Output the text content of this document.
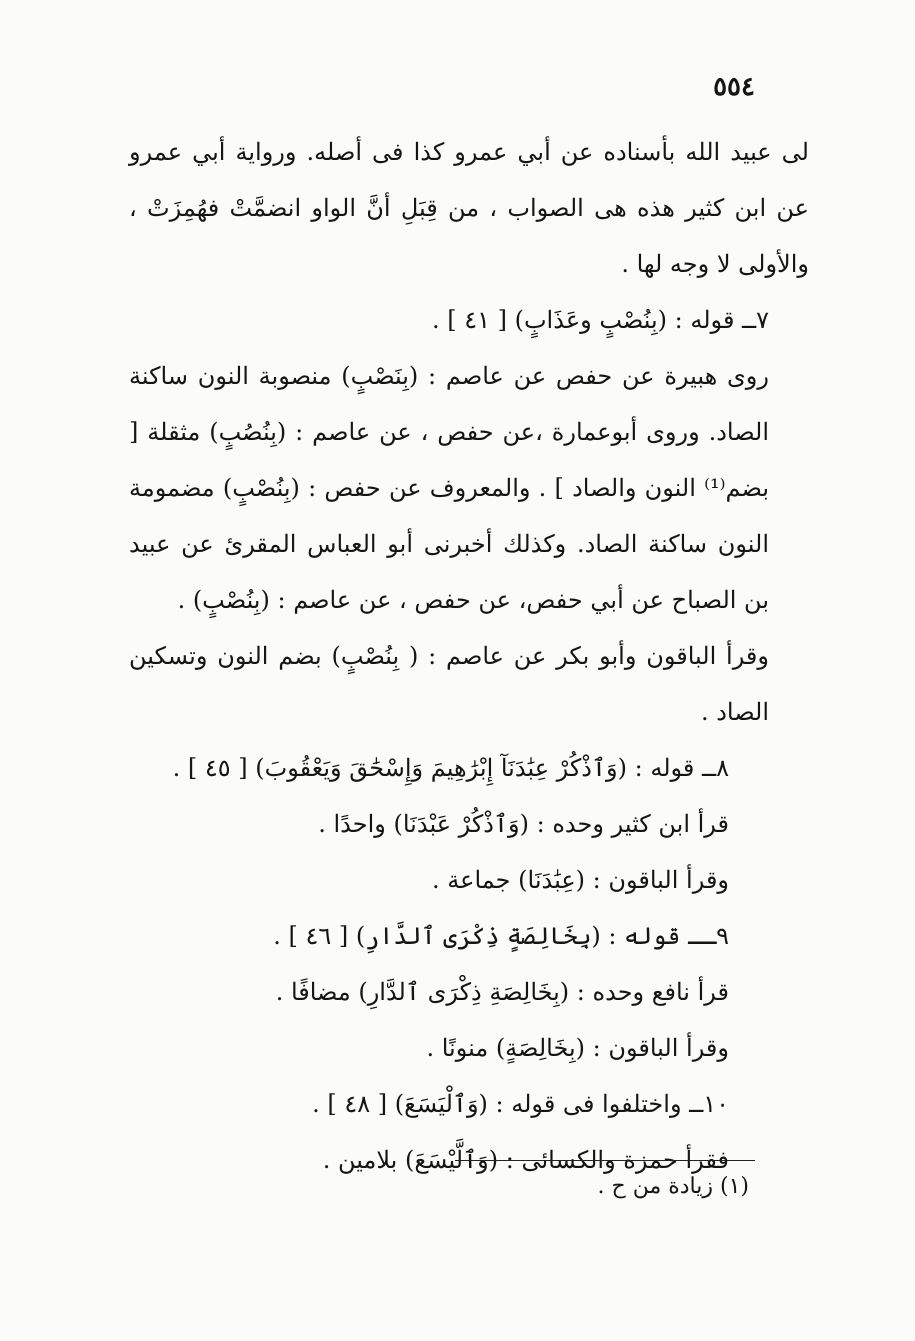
٥٥٤

لى عبيد الله بأسناده عن أبي عمرو كذا فى أصله. ورواية أبي عمرو عن ابن كثير هذه هى الصواب ، من قِبَلِ أنَّ الواو انضمَّتْ فهُمِزَتْ ، والأولى لا وجه لها .

٧ــ قوله : (بِنُصْبٍ وعَذَابٍ) [ ٤١ ] .

روى هبيرة عن حفص عن عاصم : (بِنَصْبٍ) منصوبة النون ساكنة الصاد. وروى أبوعمارة ،عن حفص ، عن عاصم : (بِنُصُبٍ) مثقلة [ بضم⁽¹⁾ النون والصاد ] . والمعروف عن حفص : (بِنُصْبٍ) مضمومة النون ساكنة الصاد. وكذلك أخبرنى أبو العباس المقرئ عن عبيد بن الصباح عن أبي حفص، عن حفص ، عن عاصم : (بِنُصْبٍ) .

وقرأ الباقون وأبو بكر عن عاصم : ( بِنُصْبٍ) بضم النون وتسكين الصاد .

٨ــ قوله : (وَٱذْكُرْ عِبَٰدَنَآ إِبْرَٰهِيمَ وَإِسْحَٰقَ وَيَعْقُوبَ) [ ٤٥ ] .

قرأ ابن كثير وحده : (وَٱذْكُرْ عَبْدَنَا) واحدًا .

وقرأ الباقون : (عِبَٰدَنَا) جماعة .

٩ــ قوله : (بِخَالِصَةٍ ذِكْرَى ٱلدَّارِ) [ ٤٦ ] .

قرأ نافع وحده : (بِخَالِصَةِ ذِكْرَى ٱلدَّارِ) مضافًا .

وقرأ الباقون : (بِخَالِصَةٍ) منونًا .

١٠ــ واختلفوا فى قوله : (وَٱلْيَسَعَ) [ ٤٨ ] .

فقرأ حمزة والكسائى : (وَٱلَّيْسَعَ) بلامين .

(١) زيادة من ح .
